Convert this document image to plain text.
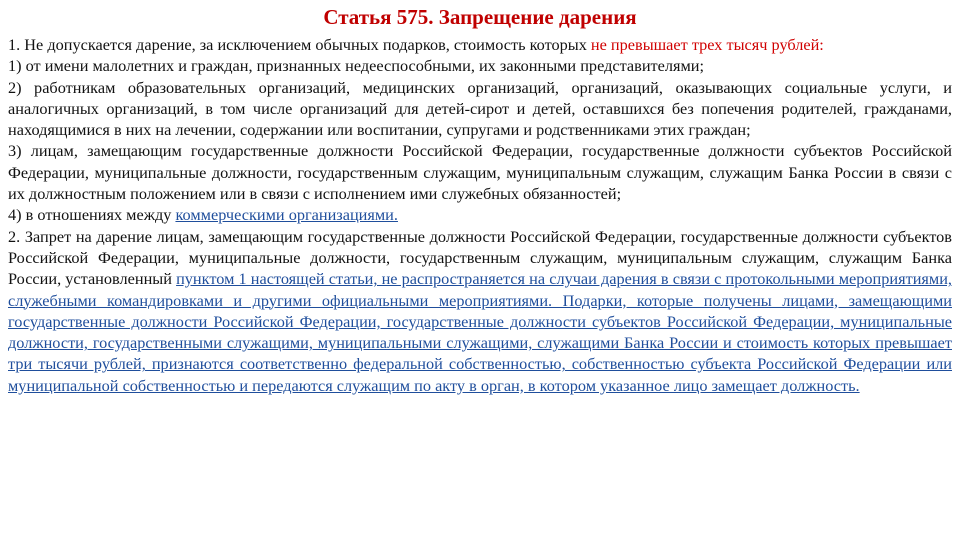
Статья 575. Запрещение дарения

1. Не допускается дарение, за исключением обычных подарков, стоимость которых не превышает трех тысяч рублей:

1) от имени малолетних и граждан, признанных недееспособными, их законными представителями;

2) работникам образовательных организаций, медицинских организаций, организаций, оказывающих социальные услуги, и аналогичных организаций, в том числе организаций для детей-сирот и детей, оставшихся без попечения родителей, гражданами, находящимися в них на лечении, содержании или воспитании, супругами и родственниками этих граждан;

3) лицам, замещающим государственные должности Российской Федерации, государственные должности субъектов Российской Федерации, муниципальные должности, государственным служащим, муниципальным служащим, служащим Банка России в связи с их должностным положением или в связи с исполнением ими служебных обязанностей;

4) в отношениях между коммерческими организациями.

2. Запрет на дарение лицам, замещающим государственные должности Российской Федерации, государственные должности субъектов Российской Федерации, муниципальные должности, государственным служащим, муниципальным служащим, служащим Банка России, установленный пунктом 1 настоящей статьи, не распространяется на случаи дарения в связи с протокольными мероприятиями, служебными командировками и другими официальными мероприятиями. Подарки, которые получены лицами, замещающими государственные должности Российской Федерации, государственные должности субъектов Российской Федерации, муниципальные должности, государственными служащими, муниципальными служащими, служащими Банка России и стоимость которых превышает три тысячи рублей, признаются соответственно федеральной собственностью, собственностью субъекта Российской Федерации или муниципальной собственностью и передаются служащим по акту в орган, в котором указанное лицо замещает должность.
